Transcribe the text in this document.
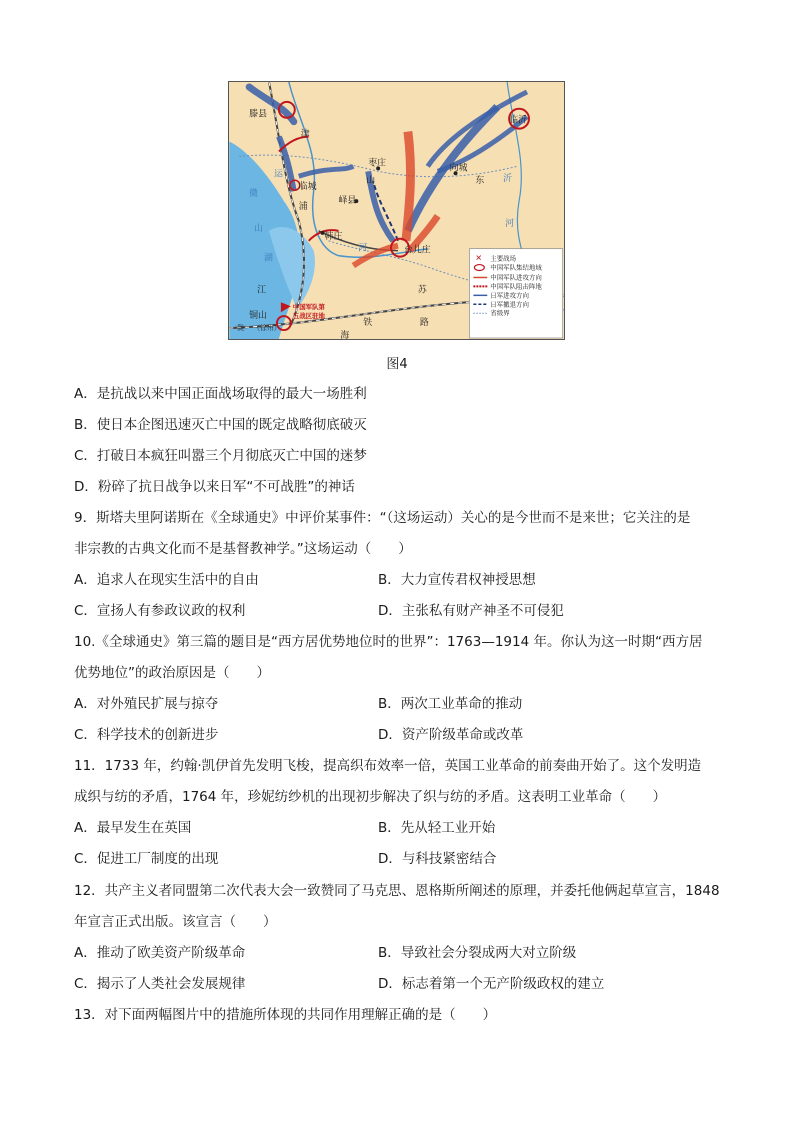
滕县
临沂
枣庄	向城
临城
峄县
韩庄
台儿庄
铜山
陇 （徐州）
海
铁	路
津
浦
山	东
江	苏
微
山
湖
运
河
沂
河
中国军队第
五战区驻地
✕ 主要战场
中国军队集结地域
中国军队进攻方向
中国军队阻击阵地
日军进攻方向
日军撤退方向
省级界
图4
A．是抗战以来中国正面战场取得的最大一场胜利
B．使日本企图迅速灭亡中国的既定战略彻底破灭
C．打破日本疯狂叫嚣三个月彻底灭亡中国的迷梦
D．粉碎了抗日战争以来日军“不可战胜”的神话
9．斯塔夫里阿诺斯在《全球通史》中评价某事件：“（这场运动）关心的是今世而不是来世；它关注的是
非宗教的古典文化而不是基督教神学。”这场运动（　　）
A．追求人在现实生活中的自由	B．大力宣传君权神授思想
C．宣扬人有参政议政的权利	D．主张私有财产神圣不可侵犯
10.《全球通史》第三篇的题目是“西方居优势地位时的世界”：1763—1914 年。你认为这一时期“西方居
优势地位”的政治原因是（　　）
A．对外殖民扩展与掠夺	B．两次工业革命的推动
C．科学技术的创新进步	D．资产阶级革命或改革
11．1733 年，约翰·凯伊首先发明飞梭，提高织布效率一倍，英国工业革命的前奏曲开始了。这个发明造
成织与纺的矛盾，1764 年，珍妮纺纱机的出现初步解决了织与纺的矛盾。这表明工业革命（　　）
A．最早发生在英国	B．先从轻工业开始
C．促进工厂制度的出现	D．与科技紧密结合
12．共产主义者同盟第二次代表大会一致赞同了马克思、恩格斯所阐述的原理，并委托他俩起草宣言，1848
年宣言正式出版。该宣言（　　）
A．推动了欧美资产阶级革命	B．导致社会分裂成两大对立阶级
C．揭示了人类社会发展规律	D．标志着第一个无产阶级政权的建立
13．对下面两幅图片中的措施所体现的共同作用理解正确的是（　　）
